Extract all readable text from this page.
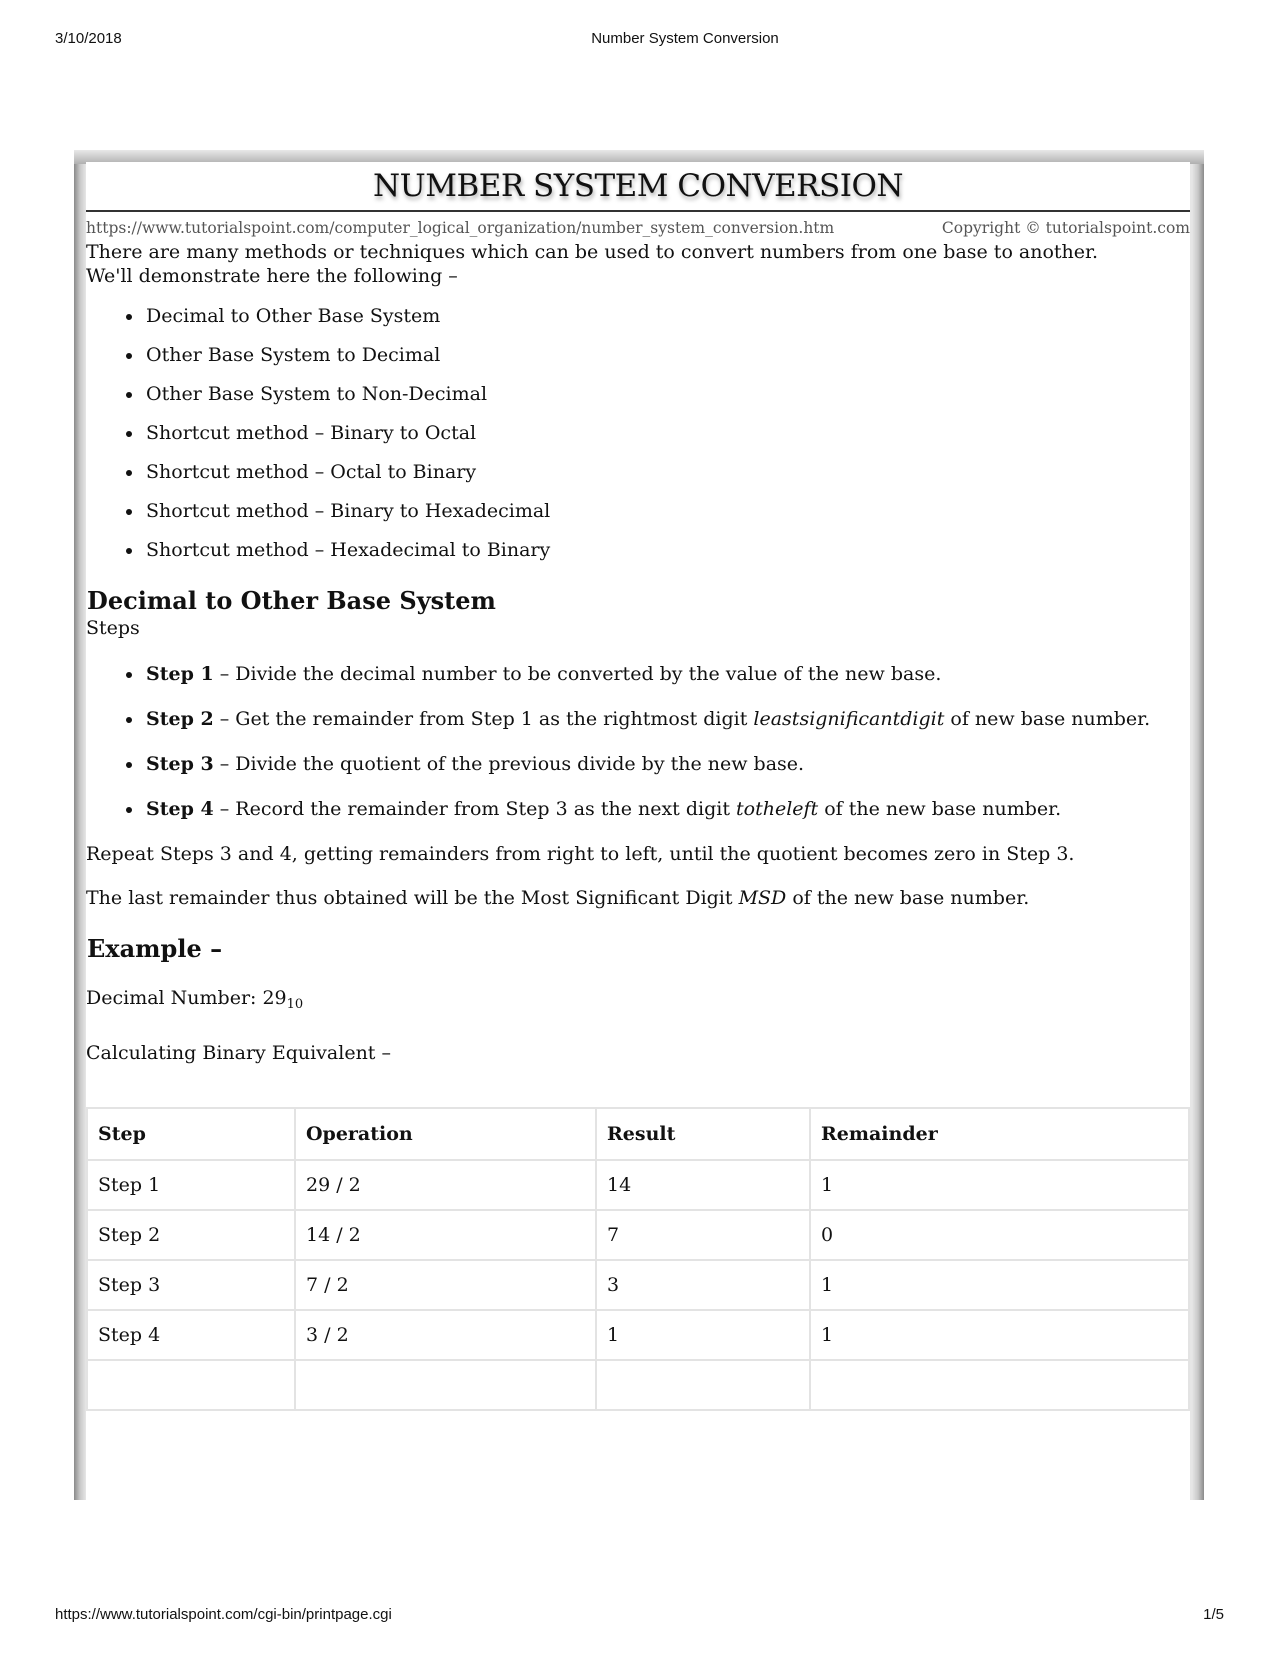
3/10/2018	Number System Conversion
NUMBER SYSTEM CONVERSION
https://www.tutorialspoint.com/computer_logical_organization/number_system_conversion.htm	Copyright © tutorialspoint.com

There are many methods or techniques which can be used to convert numbers from one base to another. We'll demonstrate here the following –

Decimal to Other Base System
Other Base System to Decimal
Other Base System to Non-Decimal
Shortcut method – Binary to Octal
Shortcut method – Octal to Binary
Shortcut method – Binary to Hexadecimal
Shortcut method – Hexadecimal to Binary
Decimal to Other Base System

Steps

Step 1 – Divide the decimal number to be converted by the value of the new base.
Step 2 – Get the remainder from Step 1 as the rightmost digit leastsignificantdigit of new base number.
Step 3 – Divide the quotient of the previous divide by the new base.
Step 4 – Record the remainder from Step 3 as the next digit totheleft of the new base number.

Repeat Steps 3 and 4, getting remainders from right to left, until the quotient becomes zero in Step 3.

The last remainder thus obtained will be the Most Significant Digit MSD of the new base number.

Example –

Decimal Number: $29_{10}$

Calculating Binary Equivalent –

Step	Operation	Result	Remainder
Step 1	29 / 2	14	1
Step 2	14 / 2	7	0
Step 3	7 / 2	3	1
Step 4	3 / 2	1	1

https://www.tutorialspoint.com/cgi-bin/printpage.cgi	1/5
